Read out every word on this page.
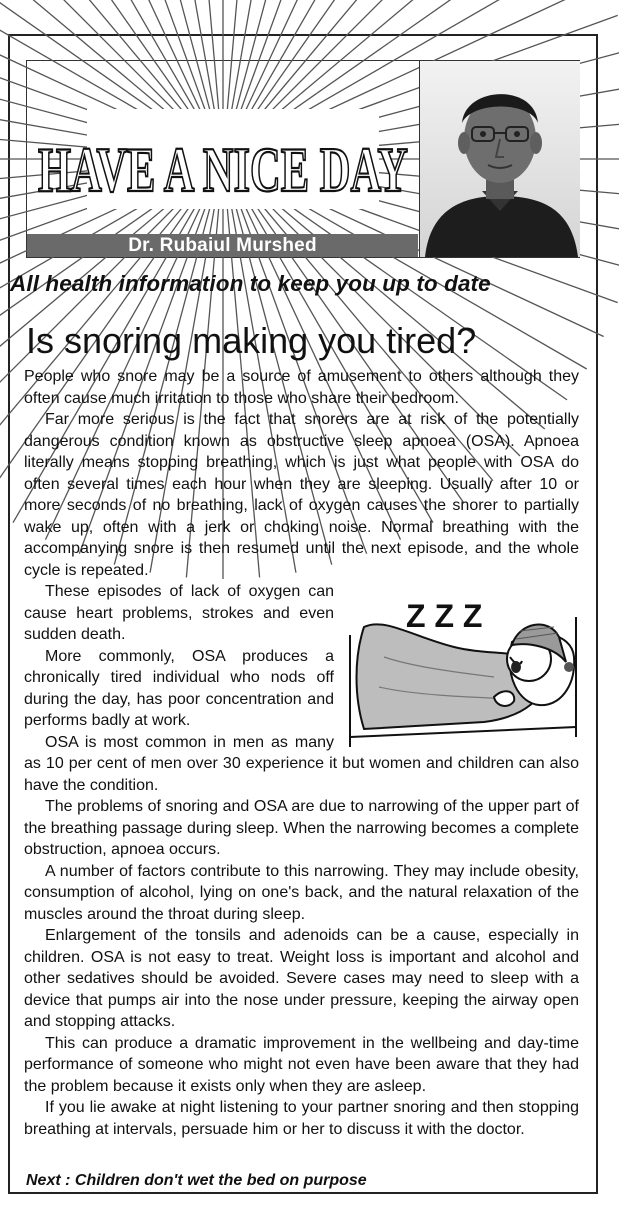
HAVE A NICE DAY
Dr. Rubaiul Murshed
All health information to keep you up to date
Is snoring making you tired?

People who snore may be a source of amusement to others although they often cause much irritation to those who share their bedroom.

Far more serious is the fact that snorers are at risk of the potentially dangerous condition known as obstructive sleep apnoea (OSA). Apnoea literally means stopping breathing, which is just what people with OSA do often several times each hour when they are sleeping. Usually after 10 or more seconds of no breathing, lack of oxygen causes the snorer to partially wake up, often with a jerk or choking noise. Normal breathing with the accompanying snore is then resumed until the next episode, and the whole cycle is repeated.

Z Z Z

These episodes of lack of oxygen can cause heart problems, strokes and even sudden death.

More commonly, OSA produces a chronically tired individual who nods off during the day, has poor concentration and performs badly at work.

OSA is most common in men as many as 10 per cent of men over 30 experience it but women and children can also have the condition.

The problems of snoring and OSA are due to narrowing of the upper part of the breathing passage during sleep. When the narrowing becomes a complete obstruction, apnoea occurs.

A number of factors contribute to this narrowing. They may include obesity, consumption of alcohol, lying on one's back, and the natural relaxation of the muscles around the throat during sleep.

Enlargement of the tonsils and adenoids can be a cause, especially in children. OSA is not easy to treat. Weight loss is important and alcohol and other sedatives should be avoided. Severe cases may need to sleep with a device that pumps air into the nose under pressure, keeping the airway open and stopping attacks.

This can produce a dramatic improvement in the wellbeing and day-time performance of someone who might not even have been aware that they had the problem because it exists only when they are asleep.

If you lie awake at night listening to your partner snoring and then stopping breathing at intervals, persuade him or her to discuss it with the doctor.

Next : Children don't wet the bed on purpose
